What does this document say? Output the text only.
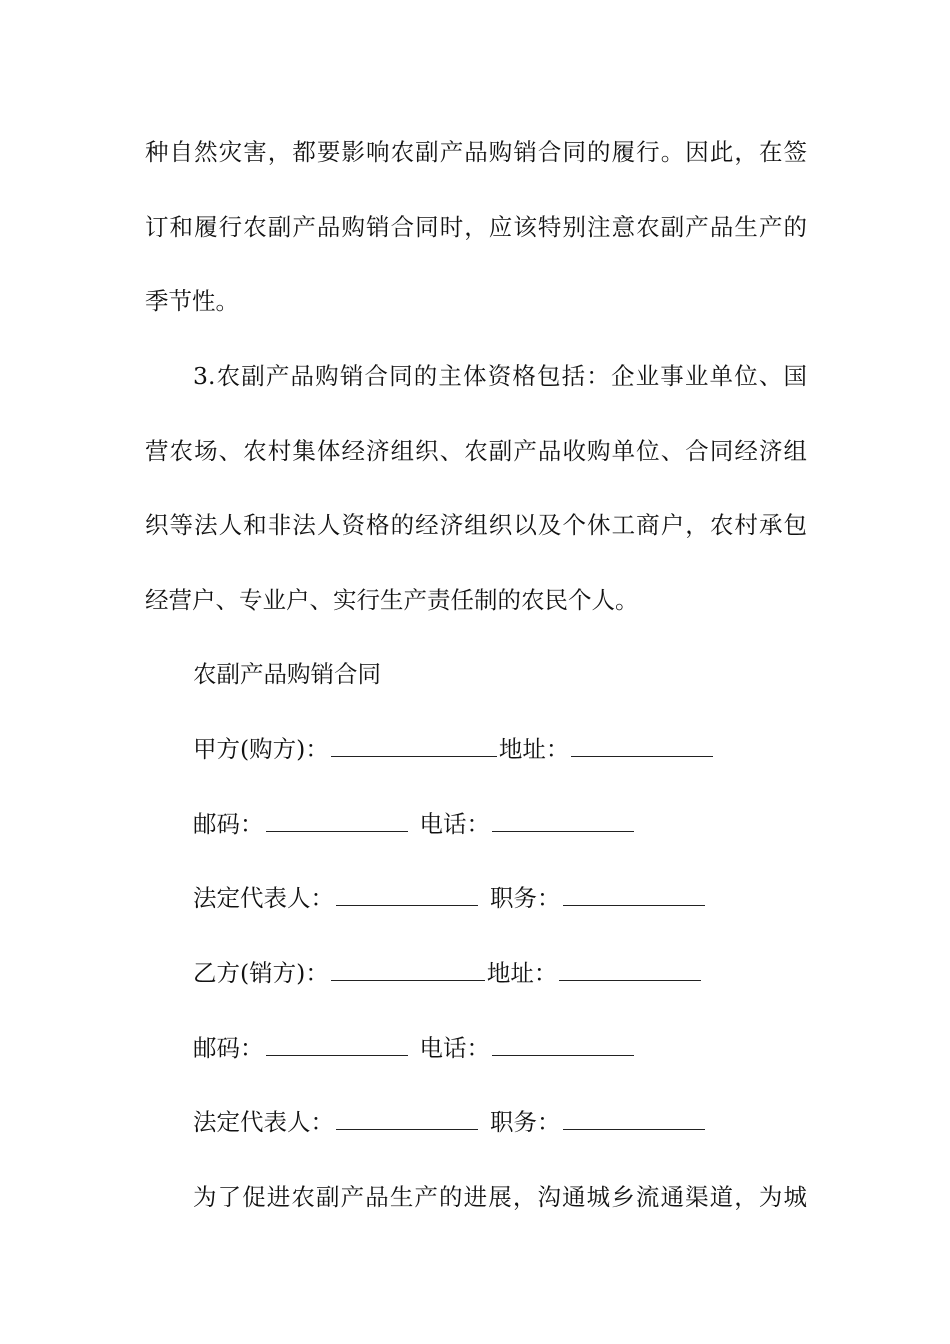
种自然灾害，都要影响农副产品购销合同的履行。因此，在签
订和履行农副产品购销合同时，应该特别注意农副产品生产的
季节性。
3.农副产品购销合同的主体资格包括：企业事业单位、国
营农场、农村集体经济组织、农副产品收购单位、合同经济组
织等法人和非法人资格的经济组织以及个休工商户，农村承包
经营户、专业户、实行生产责任制的农民个人。
农副产品购销合同
甲方(购方)：	地址：
邮码：	电话：
法定代表人：	职务：
乙方(销方)：	地址：
邮码：	电话：
法定代表人：	职务：
为了促进农副产品生产的进展，沟通城乡流通渠道，为城
